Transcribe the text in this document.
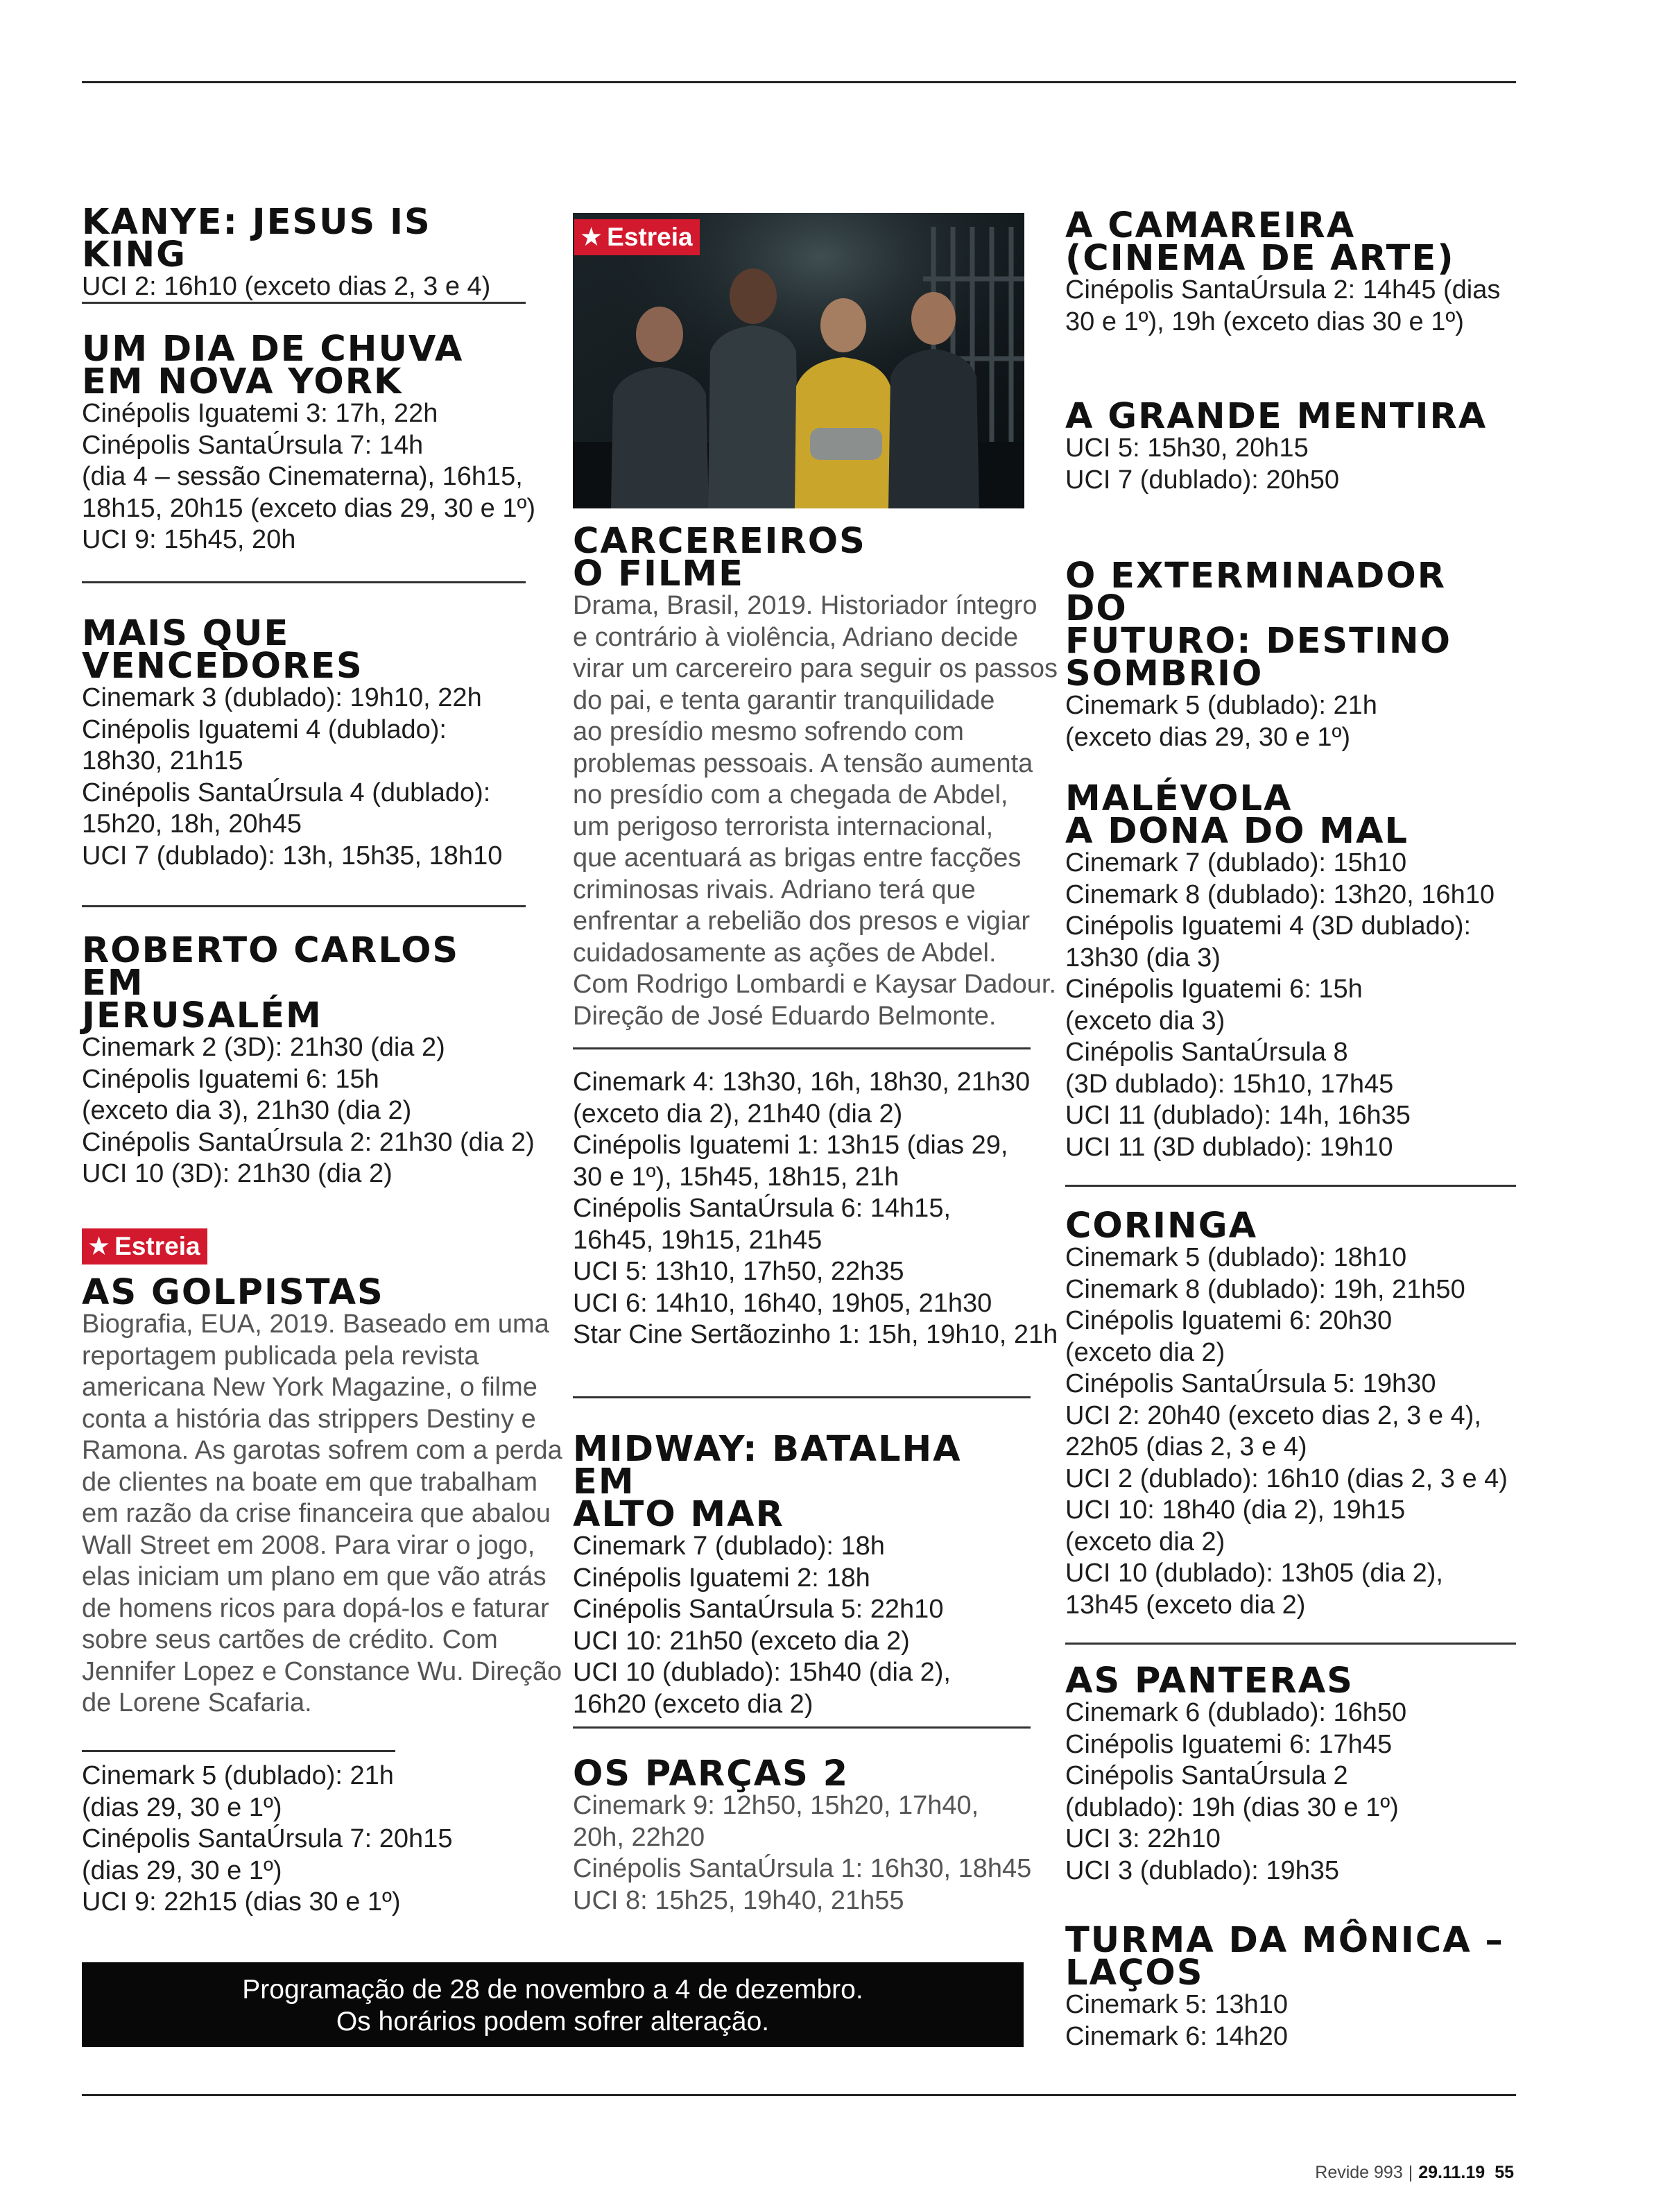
KANYE: JESUS IS KING
UCI 2: 16h10 (exceto dias 2, 3 e 4)
UM DIA DE CHUVA
EM NOVA YORK
Cinépolis Iguatemi 3: 17h, 22h
Cinépolis SantaÚrsula 7: 14h
(dia 4 – sessão Cinematerna), 16h15,
18h15, 20h15 (exceto dias 29, 30 e 1º)
UCI 9: 15h45, 20h
MAIS QUE
VENCEDORES
Cinemark 3 (dublado): 19h10, 22h
Cinépolis Iguatemi 4 (dublado):
18h30, 21h15
Cinépolis SantaÚrsula 4 (dublado):
15h20, 18h, 20h45
UCI 7 (dublado): 13h, 15h35, 18h10
ROBERTO CARLOS EM
JERUSALÉM
Cinemark 2 (3D): 21h30 (dia 2)
Cinépolis Iguatemi 6: 15h
(exceto dia 3), 21h30 (dia 2)
Cinépolis SantaÚrsula 2: 21h30 (dia 2)
UCI 10 (3D): 21h30 (dia 2)
★ Estreia
AS GOLPISTAS
Biografia, EUA, 2019. Baseado em uma
reportagem publicada pela revista
americana New York Magazine, o filme
conta a história das strippers Destiny e
Ramona. As garotas sofrem com a perda
de clientes na boate em que trabalham
em razão da crise financeira que abalou
Wall Street em 2008. Para virar o jogo,
elas iniciam um plano em que vão atrás
de homens ricos para dopá-los e faturar
sobre seus cartões de crédito. Com
Jennifer Lopez e Constance Wu. Direção
de Lorene Scafaria.
Cinemark 5 (dublado): 21h
(dias 29, 30 e 1º)
Cinépolis SantaÚrsula 7: 20h15
(dias 29, 30 e 1º)
UCI 9: 22h15 (dias 30 e 1º)
★ Estreia
CARCEREIROS
O FILME
Drama, Brasil, 2019. Historiador íntegro
e contrário à violência, Adriano decide
virar um carcereiro para seguir os passos
do pai, e tenta garantir tranquilidade
ao presídio mesmo sofrendo com
problemas pessoais. A tensão aumenta
no presídio com a chegada de Abdel,
um perigoso terrorista internacional,
que acentuará as brigas entre facções
criminosas rivais. Adriano terá que
enfrentar a rebelião dos presos e vigiar
cuidadosamente as ações de Abdel.
Com Rodrigo Lombardi e Kaysar Dadour.
Direção de José Eduardo Belmonte.
Cinemark 4: 13h30, 16h, 18h30, 21h30
(exceto dia 2), 21h40 (dia 2)
Cinépolis Iguatemi 1: 13h15 (dias 29,
30 e 1º), 15h45, 18h15, 21h
Cinépolis SantaÚrsula 6: 14h15,
16h45, 19h15, 21h45
UCI 5: 13h10, 17h50, 22h35
UCI 6: 14h10, 16h40, 19h05, 21h30
Star Cine Sertãozinho 1: 15h, 19h10, 21h
MIDWAY: BATALHA EM
ALTO MAR
Cinemark 7 (dublado): 18h
Cinépolis Iguatemi 2: 18h
Cinépolis SantaÚrsula 5: 22h10
UCI 10: 21h50 (exceto dia 2)
UCI 10 (dublado): 15h40 (dia 2),
16h20 (exceto dia 2)
OS PARÇAS 2
Cinemark 9: 12h50, 15h20, 17h40,
20h, 22h20
Cinépolis SantaÚrsula 1: 16h30, 18h45
UCI 8: 15h25, 19h40, 21h55
A CAMAREIRA
(CINEMA DE ARTE)
Cinépolis SantaÚrsula 2: 14h45 (dias
30 e 1º), 19h (exceto dias 30 e 1º)
A GRANDE MENTIRA
UCI 5: 15h30, 20h15
UCI 7 (dublado): 20h50
O EXTERMINADOR DO
FUTURO: DESTINO
SOMBRIO
Cinemark 5 (dublado): 21h
(exceto dias 29, 30 e 1º)
MALÉVOLA
A DONA DO MAL
Cinemark 7 (dublado): 15h10
Cinemark 8 (dublado): 13h20, 16h10
Cinépolis Iguatemi 4 (3D dublado):
13h30 (dia 3)
Cinépolis Iguatemi 6: 15h
(exceto dia 3)
Cinépolis SantaÚrsula 8
(3D dublado): 15h10, 17h45
UCI 11 (dublado): 14h, 16h35
UCI 11 (3D dublado): 19h10
CORINGA
Cinemark 5 (dublado): 18h10
Cinemark 8 (dublado): 19h, 21h50
Cinépolis Iguatemi 6: 20h30
(exceto dia 2)
Cinépolis SantaÚrsula 5: 19h30
UCI 2: 20h40 (exceto dias 2, 3 e 4),
22h05 (dias 2, 3 e 4)
UCI 2 (dublado): 16h10 (dias 2, 3 e 4)
UCI 10: 18h40 (dia 2), 19h15
(exceto dia 2)
UCI 10 (dublado): 13h05 (dia 2),
13h45 (exceto dia 2)
AS PANTERAS
Cinemark 6 (dublado): 16h50
Cinépolis Iguatemi 6: 17h45
Cinépolis SantaÚrsula 2
(dublado): 19h (dias 30 e 1º)
UCI 3: 22h10
UCI 3 (dublado): 19h35
TURMA DA MÔNICA –
LAÇOS
Cinemark 5: 13h10
Cinemark 6: 14h20
Programação de 28 de novembro a 4 de dezembro.
Os horários podem sofrer alteração.
Revide 993 | 29.11.19 55
